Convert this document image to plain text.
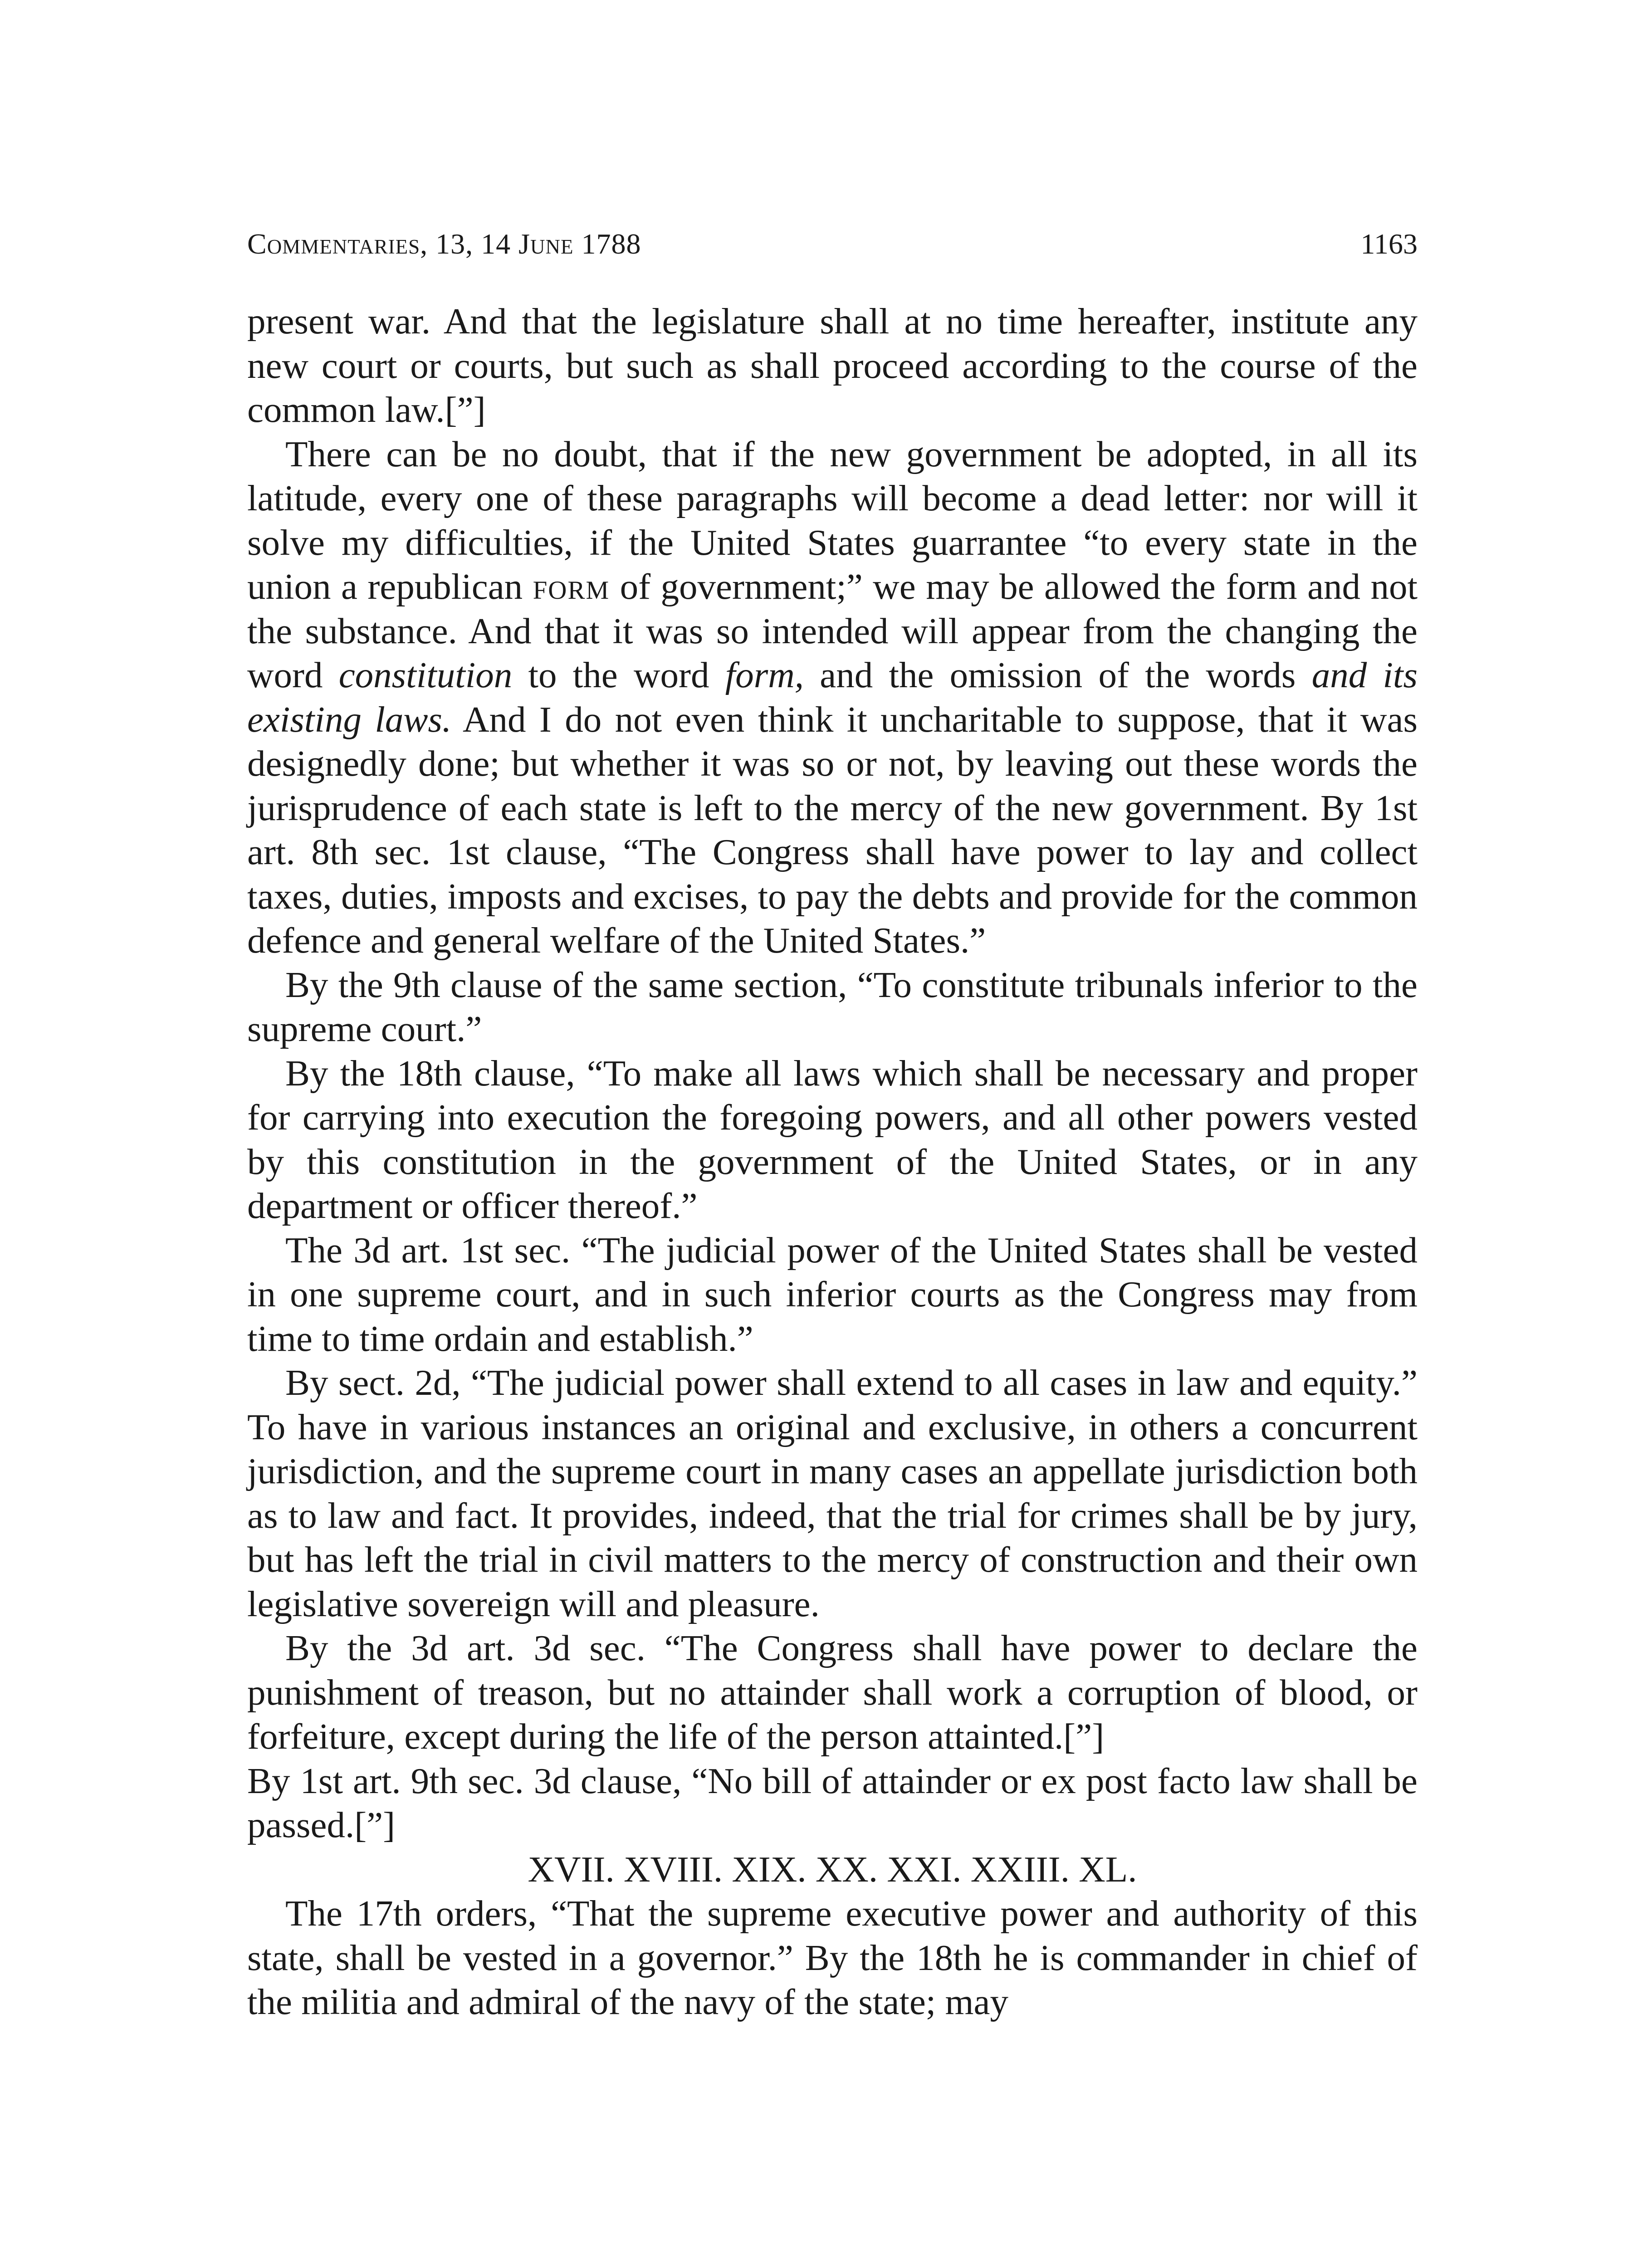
Commentaries, 13, 14 June 1788	1163

present war. And that the legislature shall at no time hereafter, institute any new court or courts, but such as shall proceed according to the course of the common law.[”]

There can be no doubt, that if the new government be adopted, in all its latitude, every one of these paragraphs will become a dead letter: nor will it solve my difficulties, if the United States guarrantee “to every state in the union a republican form of government;” we may be allowed the form and not the substance. And that it was so intended will appear from the changing the word constitution to the word form, and the omission of the words and its existing laws. And I do not even think it uncharitable to suppose, that it was designedly done; but whether it was so or not, by leaving out these words the jurisprudence of each state is left to the mercy of the new government. By 1st art. 8th sec. 1st clause, “The Congress shall have power to lay and collect taxes, duties, imposts and excises, to pay the debts and provide for the common defence and general welfare of the United States.”

By the 9th clause of the same section, “To constitute tribunals inferior to the supreme court.”

By the 18th clause, “To make all laws which shall be necessary and proper for carrying into execution the foregoing powers, and all other powers vested by this constitution in the government of the United States, or in any department or officer thereof.”

The 3d art. 1st sec. “The judicial power of the United States shall be vested in one supreme court, and in such inferior courts as the Congress may from time to time ordain and establish.”

By sect. 2d, “The judicial power shall extend to all cases in law and equity.” To have in various instances an original and exclusive, in others a concurrent jurisdiction, and the supreme court in many cases an appellate jurisdiction both as to law and fact. It provides, indeed, that the trial for crimes shall be by jury, but has left the trial in civil matters to the mercy of construction and their own legislative sovereign will and pleasure.

By the 3d art. 3d sec. “The Congress shall have power to declare the punishment of treason, but no attainder shall work a corruption of blood, or forfeiture, except during the life of the person attainted.[”]

By 1st art. 9th sec. 3d clause, “No bill of attainder or ex post facto law shall be passed.[”]

XVII. XVIII. XIX. XX. XXI. XXIII. XL.

The 17th orders, “That the supreme executive power and authority of this state, shall be vested in a governor.” By the 18th he is commander in chief of the militia and admiral of the navy of the state; may
